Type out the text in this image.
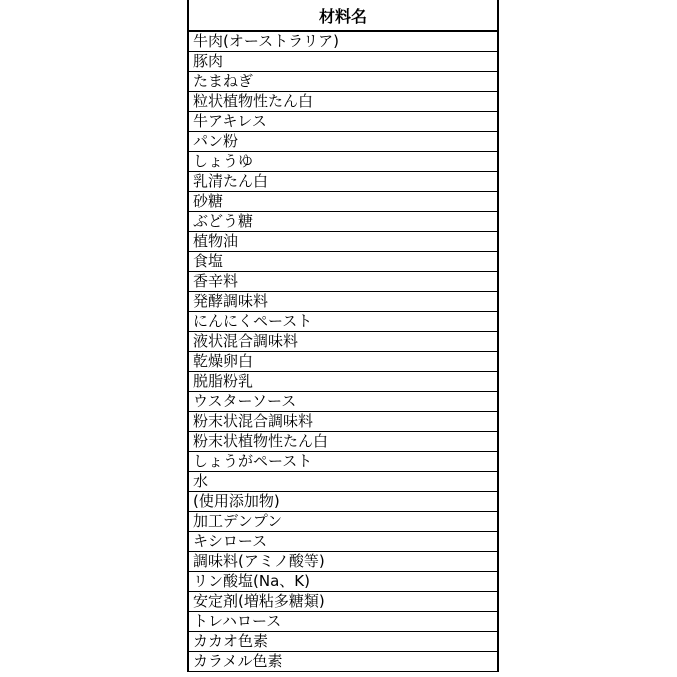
材料名
牛肉(オーストラリア)
豚肉
たまねぎ
粒状植物性たん白
牛アキレス
パン粉
しょうゆ
乳清たん白
砂糖
ぶどう糖
植物油
食塩
香辛料
発酵調味料
にんにくペースト
液状混合調味料
乾燥卵白
脱脂粉乳
ウスターソース
粉末状混合調味料
粉末状植物性たん白
しょうがペースト
水
(使用添加物)
加工デンプン
キシロース
調味料(アミノ酸等)
リン酸塩(Na、K)
安定剤(増粘多糖類)
トレハロース
カカオ色素
カラメル色素
